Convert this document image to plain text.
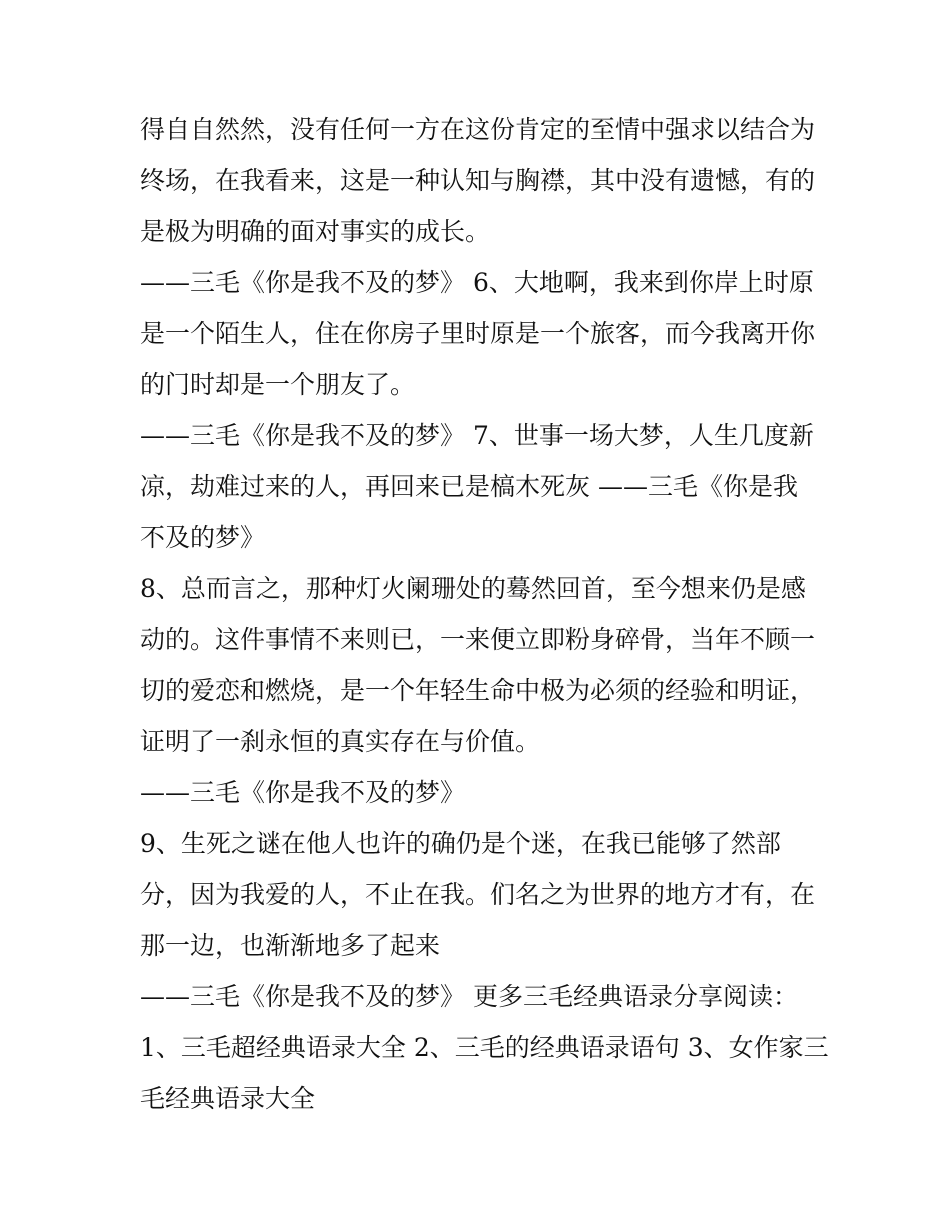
得自自然然，没有任何一方在这份肯定的至情中强求以结合为
终场，在我看来，这是一种认知与胸襟，其中没有遗憾，有的
是极为明确的面对事实的成长。
——三毛《你是我不及的梦》 6、大地啊，我来到你岸上时原
是一个陌生人，住在你房子里时原是一个旅客，而今我离开你
的门时却是一个朋友了。
——三毛《你是我不及的梦》 7、世事一场大梦，人生几度新
凉，劫难过来的人，再回来已是槁木死灰 ——三毛《你是我
不及的梦》
8、总而言之，那种灯火阑珊处的蓦然回首，至今想来仍是感
动的。这件事情不来则已，一来便立即粉身碎骨，当年不顾一
切的爱恋和燃烧，是一个年轻生命中极为必须的经验和明证，
证明了一刹永恒的真实存在与价值。
——三毛《你是我不及的梦》
9、生死之谜在他人也许的确仍是个迷，在我已能够了然部
分，因为我爱的人，不止在我。们名之为世界的地方才有，在
那一边，也渐渐地多了起来
——三毛《你是我不及的梦》 更多三毛经典语录分享阅读：
1、三毛超经典语录大全 2、三毛的经典语录语句 3、女作家三
毛经典语录大全
